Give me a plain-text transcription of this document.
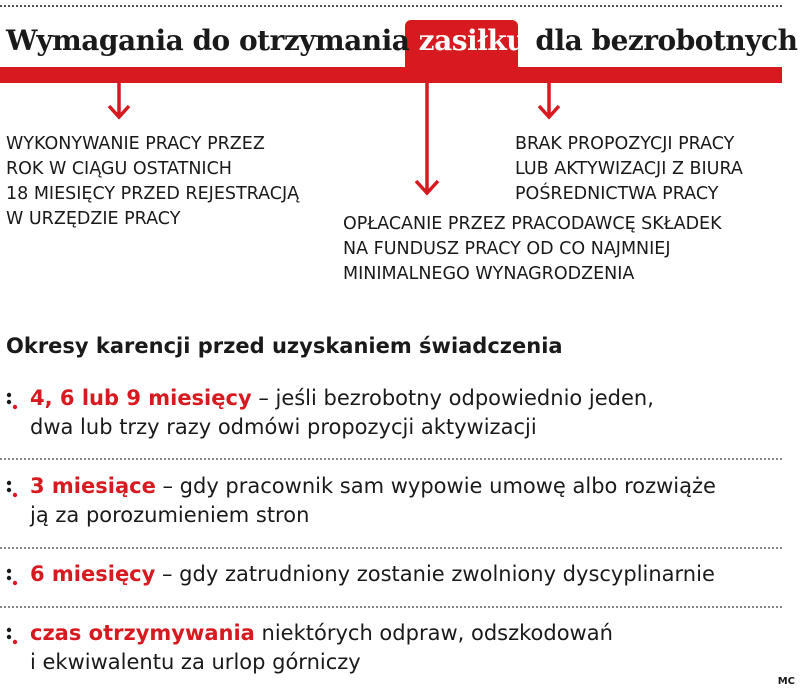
Wymagania do otrzymania zasiłku dla bezrobotnych

WYKONYWANIE PRACY PRZEZ
ROK W CIĄGU OSTATNICH
18 MIESIĘCY PRZED REJESTRACJĄ
W URZĘDZIE PRACY	OPŁACANIE PRZEZ PRACODAWCĘ SKŁADEK
NA FUNDUSZ PRACY OD CO NAJMNIEJ
MINIMALNEGO WYNAGRODZENIA

BRAK PROPOZYCJI PRACY
LUB AKTYWIZACJI Z BIURA
POŚREDNICTWA PRACY

Okresy karencji przed uzyskaniem świadczenia

4, 6 lub 9 miesięcy – jeśli bezrobotny odpowiednio jeden,
dwa lub trzy razy odmówi propozycji aktywizacji

3 miesiące – gdy pracownik sam wypowie umowę albo rozwiąże
ją za porozumieniem stron

6 miesięcy – gdy zatrudniony zostanie zwolniony dyscyplinarnie

czas otrzymywania niektórych odpraw, odszkodowań
i ekwiwalentu za urlop górniczy

MC
